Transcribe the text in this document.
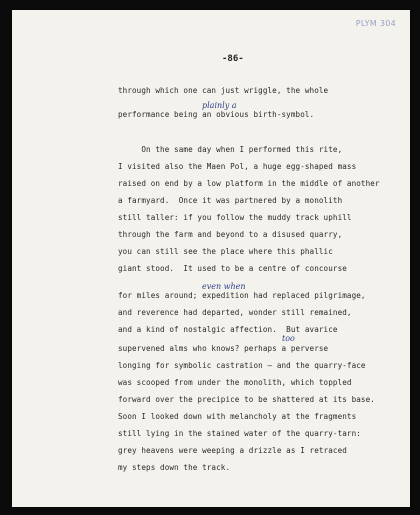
PLYM 304
-86-
through which one can just wriggle, the whole
plainly a
performance being an obvious birth-symbol.
On the same day when I performed this rite,
I visited also the Maen Pol, a huge egg-shaped mass
raised on end by a low platform in the middle of another
a farmyard.  Once it was partnered by a monolith
still taller: if you follow the muddy track uphill
through the farm and beyond to a disused quarry,
you can still see the place where this phallic
giant stood.  It used to be a centre of concourse
even when
for miles around; expedition had replaced pilgrimage,
and reverence had departed, wonder still remained,
and a kind of nostalgic affection.  But avarice
too
supervened alms who knows? perhaps a perverse
longing for symbolic castration — and the quarry-face
was scooped from under the monolith, which toppled
forward over the precipice to be shattered at its base.
Soon I looked down with melancholy at the fragments
still lying in the stained water of the quarry-tarn:
grey heavens were weeping a drizzle as I retraced
my steps down the track.
